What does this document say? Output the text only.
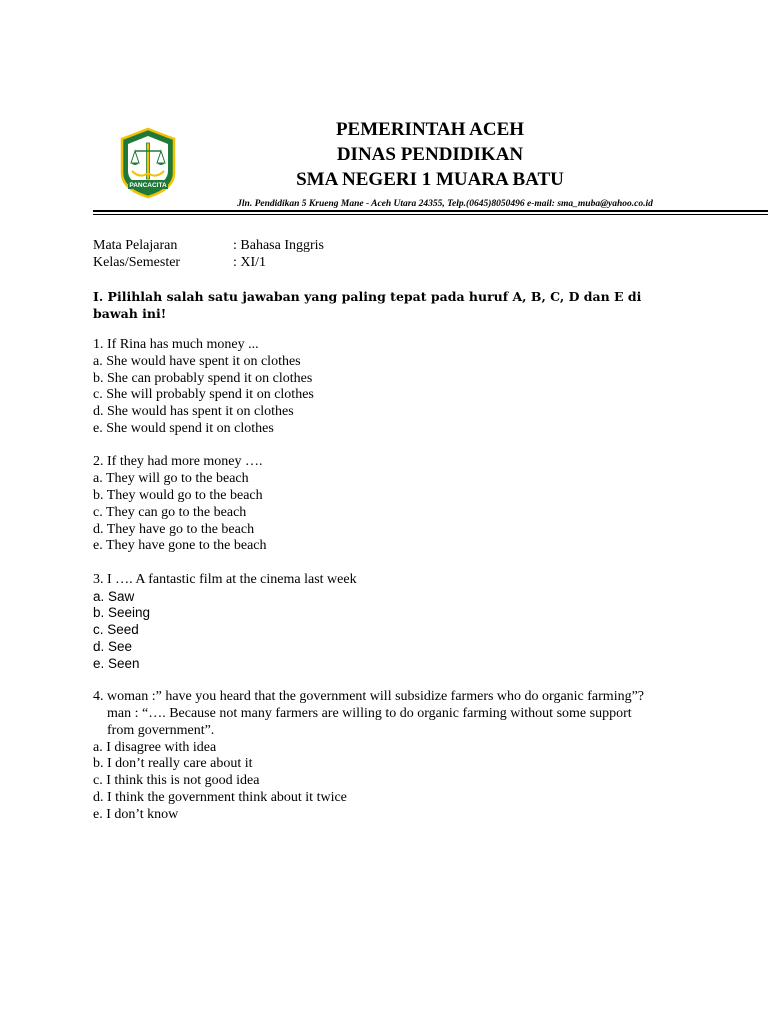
PANCACITA
PEMERINTAH ACEH
DINAS PENDIDIKAN
SMA NEGERI 1 MUARA BATU
Jln. Pendidikan 5 Krueng Mane - Aceh Utara 24355, Telp.(0645)8050496 e-mail: sma_muba@yahoo.co.id
Mata Pelajaran	: Bahasa Inggris
Kelas/Semester	: XI/1
I. Pilihlah salah satu jawaban yang paling tepat pada huruf A, B, C, D dan E di bawah ini!

1. If Rina has much money ...

a. She would have spent it on clothes

b. She can probably spend it on clothes

c. She will probably spend it on clothes

d. She would has spent it on clothes

e. She would spend it on clothes

2. If they had more money ….

a. They will go to the beach

b. They would go to the beach

c. They can go to the beach

d. They have go to the beach

e. They have gone to the beach

3. I …. A fantastic film at the cinema last week

a. Saw

b. Seeing

c. Seed

d. See

e. Seen

4. woman :” have you heard that the government will subsidize farmers who do organic farming”?

man : “…. Because not many farmers are willing to do organic farming without some support from government”.

a. I disagree with idea

b. I don’t really care about it

c. I think this is not good idea

d. I think the government think about it twice

e. I don’t know
